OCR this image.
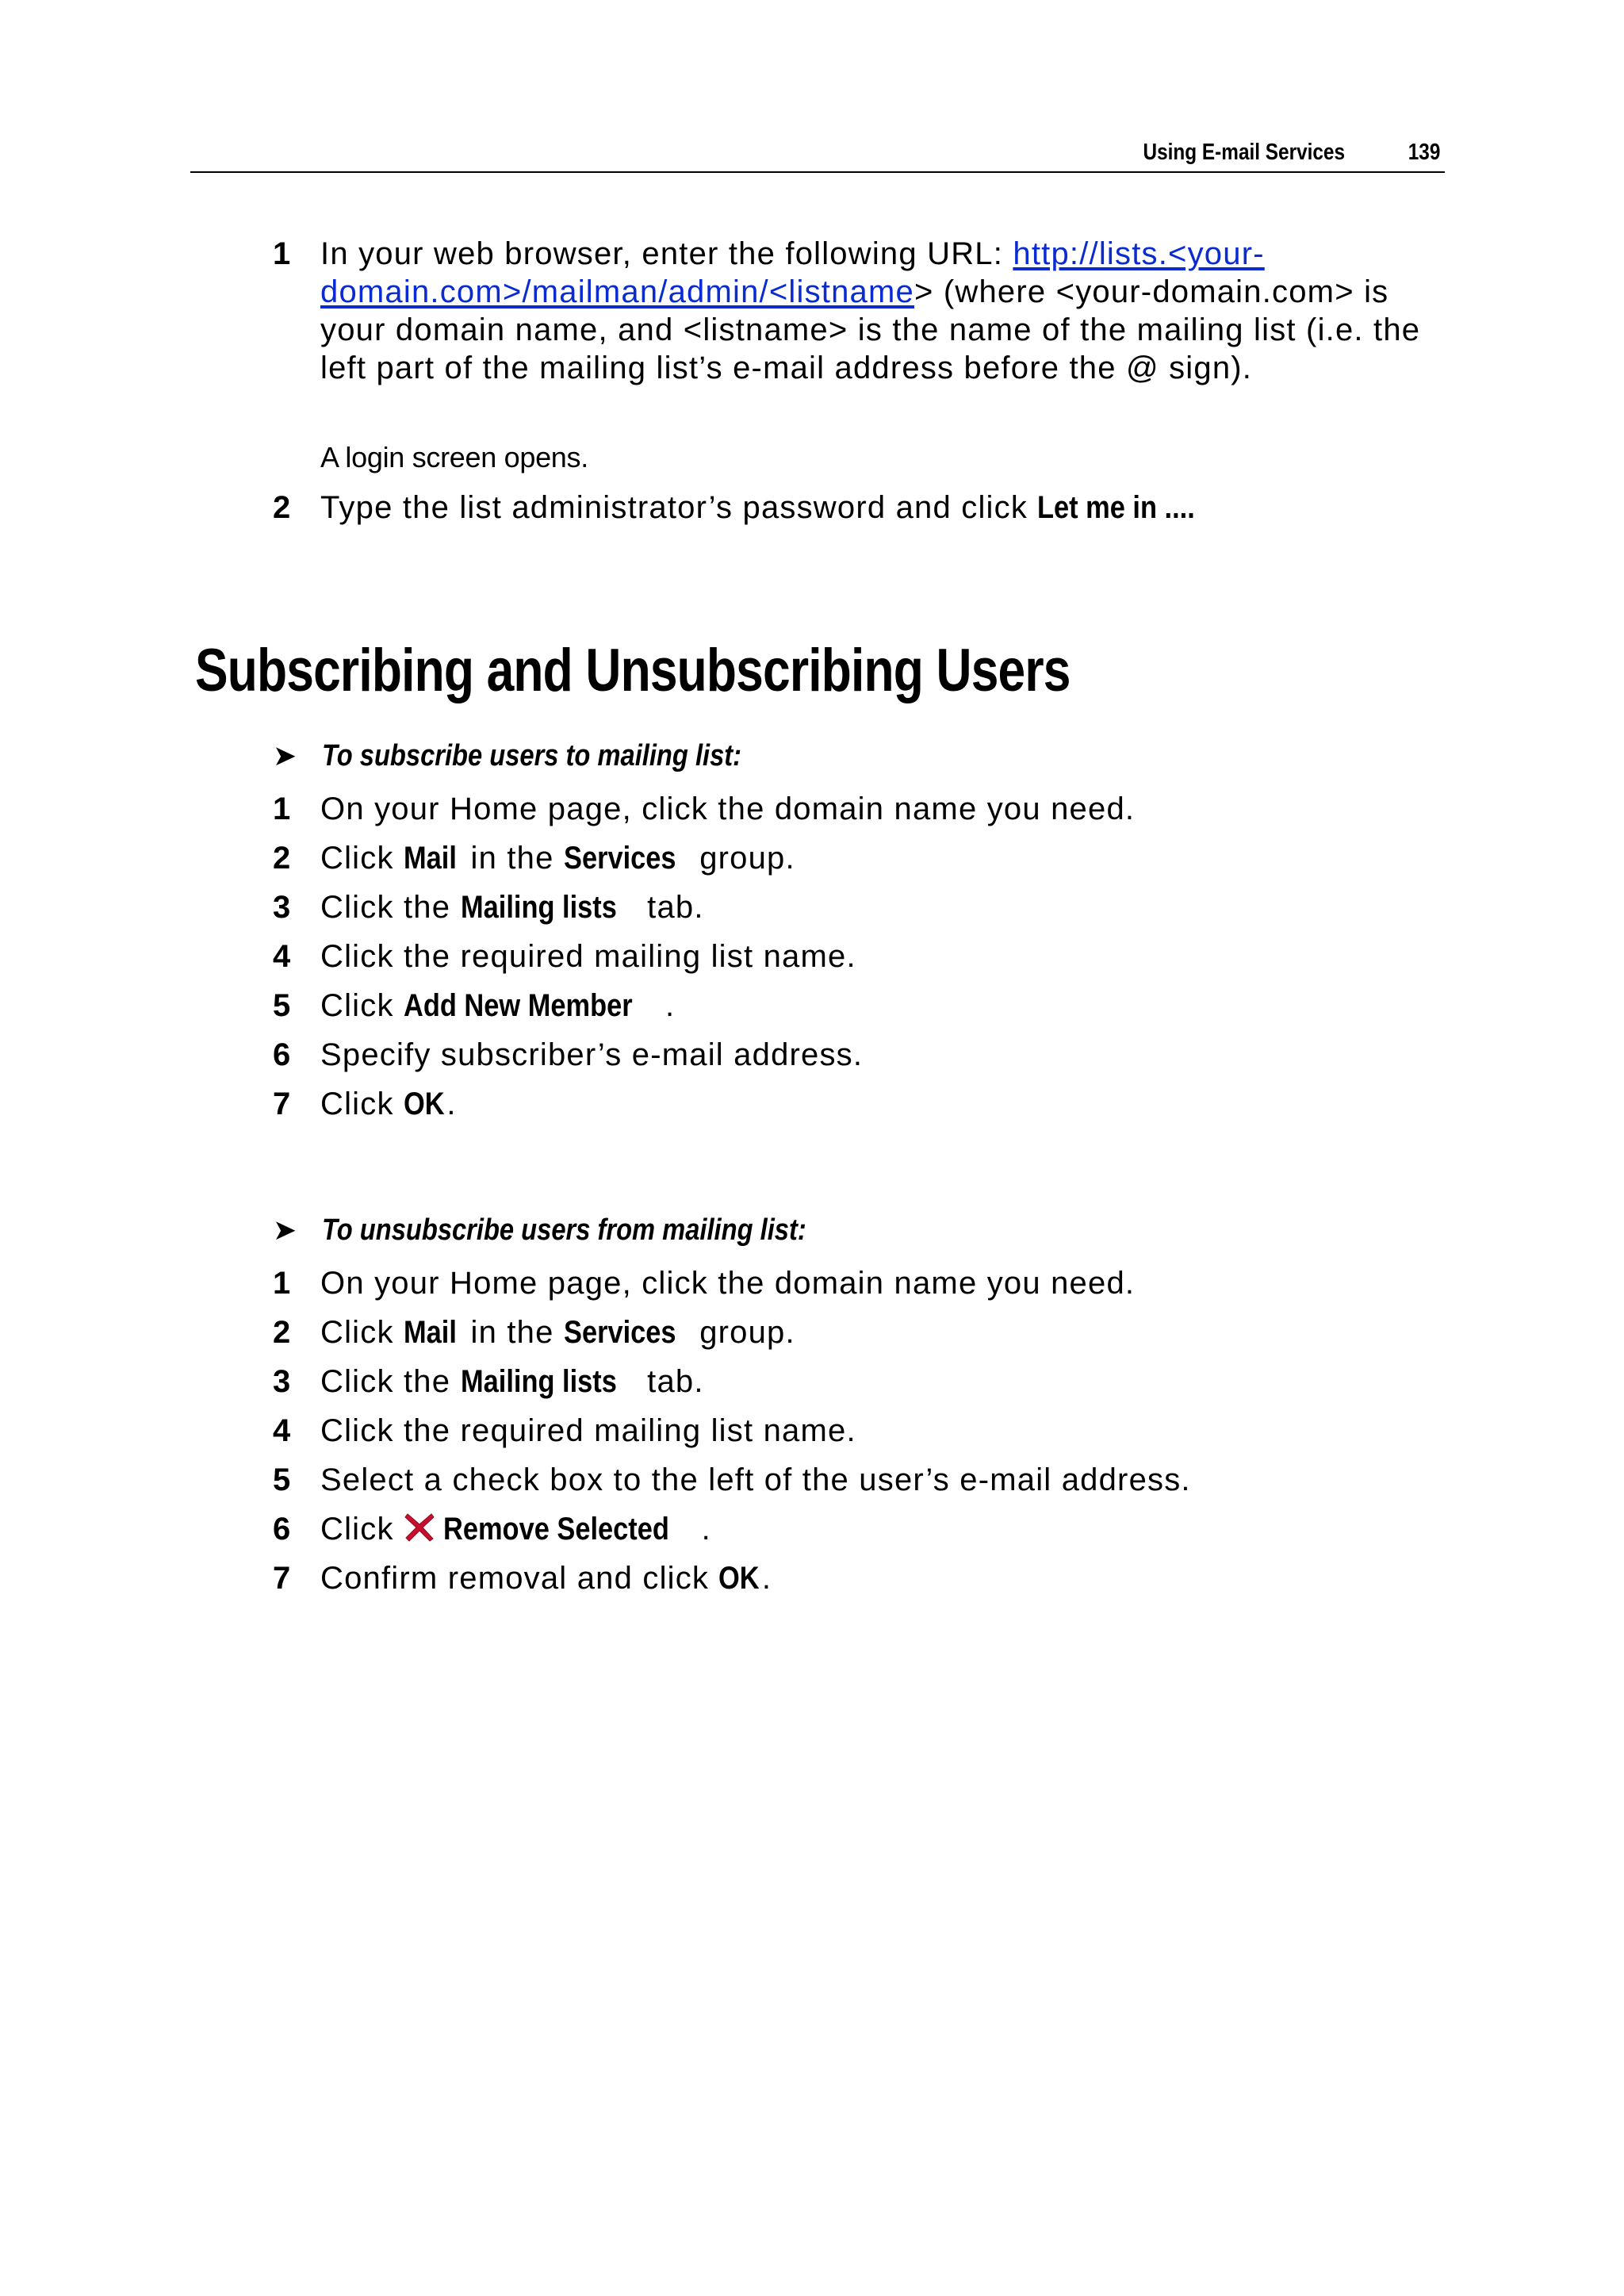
Using E-mail Services	139
1 In your web browser, enter the following URL: http://lists.<your-domain.com>/mailman/admin/<listname> (where <your-domain.com> is your domain name, and <listname> is the name of the mailing list (i.e. the left part of the mailing list’s e-mail address before the @ sign).
A login screen opens.
2 Type the list administrator’s password and click Let me in ....
Subscribing and Unsubscribing Users
➤ To subscribe users to mailing list:
1 On your Home page, click the domain name you need.
2 Click Mail in the Services group.
3 Click the Mailing lists tab.
4 Click the required mailing list name.
5 Click Add New Member .
6 Specify subscriber’s e-mail address.
7 Click OK.
➤ To unsubscribe users from mailing list:
1 On your Home page, click the domain name you need.
2 Click Mail in the Services group.
3 Click the Mailing lists tab.
4 Click the required mailing list name.
5 Select a check box to the left of the user’s e-mail address.
6 Click Remove Selected .
7 Confirm removal and click OK.
